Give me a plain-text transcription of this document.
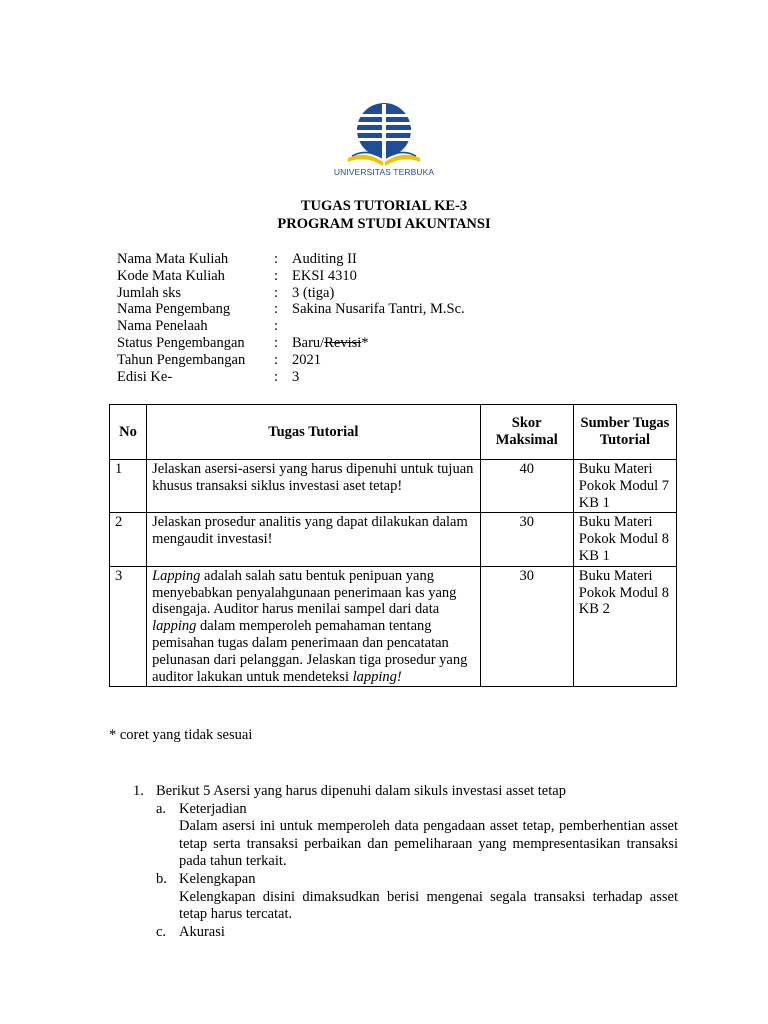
UNIVERSITAS TERBUKA
TUGAS TUTORIAL KE-3
PROGRAM STUDI AKUNTANSI
Nama Mata Kuliah	:	Auditing II
Kode Mata Kuliah	:	EKSI 4310
Jumlah sks	:	3 (tiga)
Nama Pengembang	:	Sakina Nusarifa Tantri, M.Sc.
Nama Penelaah	:	
Status Pengembangan	:	Baru/Revisi*
Tahun Pengembangan	:	2021
Edisi Ke-	:	3
No	Tugas Tutorial	Skor Maksimal	Sumber Tugas Tutorial
1	Jelaskan asersi-asersi yang harus dipenuhi untuk tujuan khusus transaksi siklus investasi aset tetap!	40	Buku Materi Pokok Modul 7 KB 1
2	Jelaskan prosedur analitis yang dapat dilakukan dalam mengaudit investasi!	30	Buku Materi Pokok Modul 8 KB 1
3	Lapping adalah salah satu bentuk penipuan yang menyebabkan penyalahgunaan penerimaan kas yang disengaja. Auditor harus menilai sampel dari data lapping dalam memperoleh pemahaman tentang pemisahan tugas dalam penerimaan dan pencatatan pelunasan dari pelanggan. Jelaskan tiga prosedur yang auditor lakukan untuk mendeteksi lapping!	30	Buku Materi Pokok Modul 8 KB 2
* coret yang tidak sesuai
1. Berikut 5 Asersi yang harus dipenuhi dalam sikuls investasi asset tetap
a. Keterjadian
Dalam asersi ini untuk memperoleh data pengadaan asset tetap, pemberhentian asset tetap serta transaksi perbaikan dan pemeliharaan yang mempresentasikan transaksi pada tahun terkait.
b. Kelengkapan
Kelengkapan disini dimaksudkan berisi mengenai segala transaksi terhadap asset tetap harus tercatat.
c. Akurasi
